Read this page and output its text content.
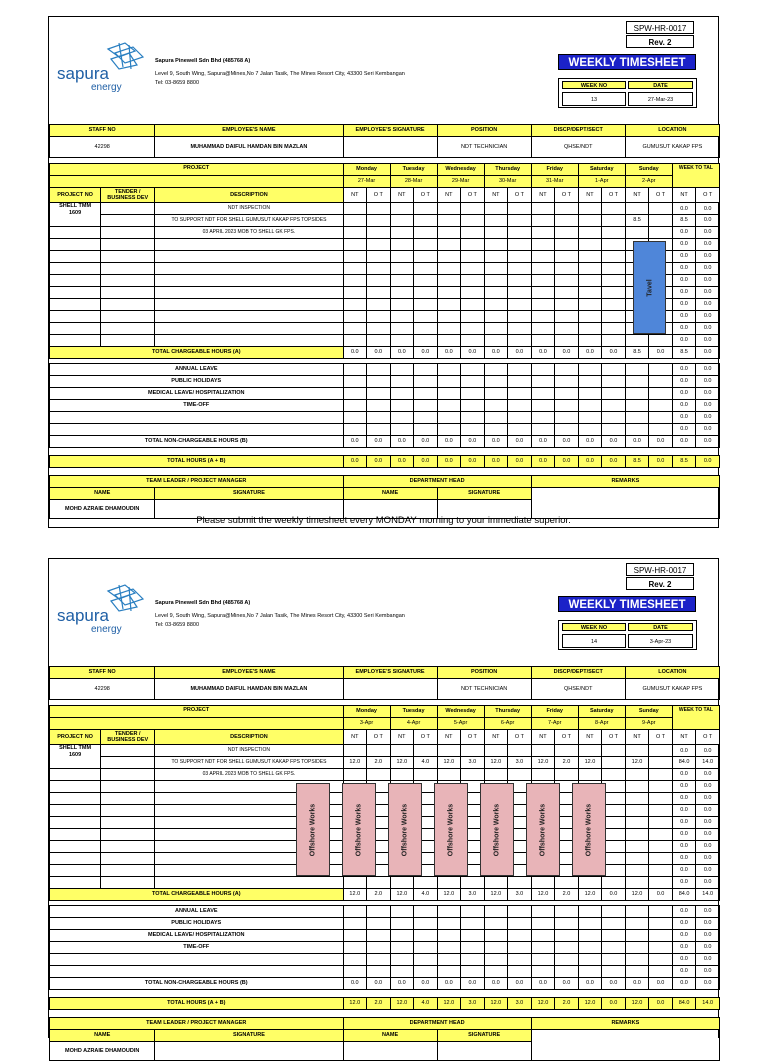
sapura
energy
Sapura Pinewell Sdn Bhd (485768 A)
Level 9, South Wing, Sapura@Mines,No 7 Jalan Tasik, The Mines Resort City, 43300 Seri Kembangan
Tel: 03-8659 8800
SPW-HR-0017
Rev. 2
WEEKLY TIMESHEET
WEEK NO	DATE
13	27-Mar-23
STAFF NO		EMPLOYEE'S NAME	EMPLOYEE'S SIGNATURE				POSITION				DISCP/DEPT/SECT				LOCATION			
42298		MUHAMMAD DAIFUL HAMDAN BIN MAZLAN					NDT TECHNICIAN				QHSE/NDT				GUMUSUT KAKAP FPS			

PROJECT			Monday		Tuesday		Wednesday		Thursday		Friday		Saturday		Sunday		WEEK TO TAL	
			27-Mar		28-Mar		29-Mar		30-Mar		31-Mar		1-Apr		2-Apr			
PROJECT NO	TENDER / BUSINESS DEV	DESCRIPTION	NT	O T	NT	O T	NT	O T	NT	O T	NT	O T	NT	O T	NT	O T	NT	O T
SHELL TMM
1609		NDT INSPECTION															0.0	0.0
		TO SUPPORT NDT FOR SHELL GUMUSUT KAKAP FPS TOPSIDES													8.5		8.5	0.0
		03 APRIL 2023 MOB TO SHELL GK FPS.															0.0	0.0
																	0.0	0.0
																	0.0	0.0
																	0.0	0.0
																	0.0	0.0
																	0.0	0.0
																	0.0	0.0
																	0.0	0.0
																	0.0	0.0
																	0.0	0.0
TOTAL CHARGEABLE HOURS (A)			0.0	0.0	0.0	0.0	0.0	0.0	0.0	0.0	0.0	0.0	0.0	0.0	8.5	0.0	8.5	0.0

ANNUAL LEAVE																	0.0	0.0
PUBLIC HOLIDAYS																	0.0	0.0
MEDICAL LEAVE/ HOSPITALIZATION																	0.0	0.0
TIME-OFF																	0.0	0.0
																	0.0	0.0
																	0.0	0.0
TOTAL NON-CHARGEABLE HOURS (B)			0.0	0.0	0.0	0.0	0.0	0.0	0.0	0.0	0.0	0.0	0.0	0.0	0.0	0.0	0.0	0.0

TOTAL HOURS (A + B)			0.0	0.0	0.0	0.0	0.0	0.0	0.0	0.0	0.0	0.0	0.0	0.0	8.5	0.0	8.5	0.0

TEAM LEADER / PROJECT MANAGER			DEPARTMENT HEAD								REMARKS							
NAME		SIGNATURE	NAME				SIGNATURE											
MOHD AZRAIE DHAMOUDIN																		
Tavel
Please submit the weekly timesheet every MONDAY morning to your immediate superior.
sapura
energy
Sapura Pinewell Sdn Bhd (485768 A)
Level 9, South Wing, Sapura@Mines,No 7 Jalan Tasik, The Mines Resort City, 43300 Seri Kembangan
Tel: 03-8659 8800
SPW-HR-0017
Rev. 2
WEEKLY TIMESHEET
WEEK NO	DATE
14	3-Apr-23
STAFF NO		EMPLOYEE'S NAME	EMPLOYEE'S SIGNATURE				POSITION				DISCP/DEPT/SECT				LOCATION			
42298		MUHAMMAD DAIFUL HAMDAN BIN MAZLAN					NDT TECHNICIAN				QHSE/NDT				GUMUSUT KAKAP FPS			

PROJECT			Monday		Tuesday		Wednesday		Thursday		Friday		Saturday		Sunday		WEEK TO TAL	
			3-Apr		4-Apr		5-Apr		6-Apr		7-Apr		8-Apr		9-Apr			
PROJECT NO	TENDER / BUSINESS DEV	DESCRIPTION	NT	O T	NT	O T	NT	O T	NT	O T	NT	O T	NT	O T	NT	O T	NT	O T
SHELL TMM
1609		NDT INSPECTION															0.0	0.0
		TO SUPPORT NDT FOR SHELL GUMUSUT KAKAP FPS TOPSIDES	12.0	2.0	12.0	4.0	12.0	3.0	12.0	3.0	12.0	2.0	12.0		12.0		84.0	14.0
		03 APRIL 2023 MOB TO SHELL GK FPS.															0.0	0.0
																	0.0	0.0
																	0.0	0.0
																	0.0	0.0
																	0.0	0.0
																	0.0	0.0
																	0.0	0.0
																	0.0	0.0
																	0.0	0.0
																	0.0	0.0
TOTAL CHARGEABLE HOURS (A)			12.0	2.0	12.0	4.0	12.0	3.0	12.0	3.0	12.0	2.0	12.0	0.0	12.0	0.0	84.0	14.0

ANNUAL LEAVE																	0.0	0.0
PUBLIC HOLIDAYS																	0.0	0.0
MEDICAL LEAVE/ HOSPITALIZATION																	0.0	0.0
TIME-OFF																	0.0	0.0
																	0.0	0.0
																	0.0	0.0
TOTAL NON-CHARGEABLE HOURS (B)			0.0	0.0	0.0	0.0	0.0	0.0	0.0	0.0	0.0	0.0	0.0	0.0	0.0	0.0	0.0	0.0

TOTAL HOURS (A + B)			12.0	2.0	12.0	4.0	12.0	3.0	12.0	3.0	12.0	2.0	12.0	0.0	12.0	0.0	84.0	14.0

TEAM LEADER / PROJECT MANAGER			DEPARTMENT HEAD								REMARKS							
NAME		SIGNATURE	NAME				SIGNATURE											
MOHD AZRAIE DHAMOUDIN																		
Offshore Works	Offshore Works	Offshore Works	Offshore Works	Offshore Works	Offshore Works	Offshore Works
